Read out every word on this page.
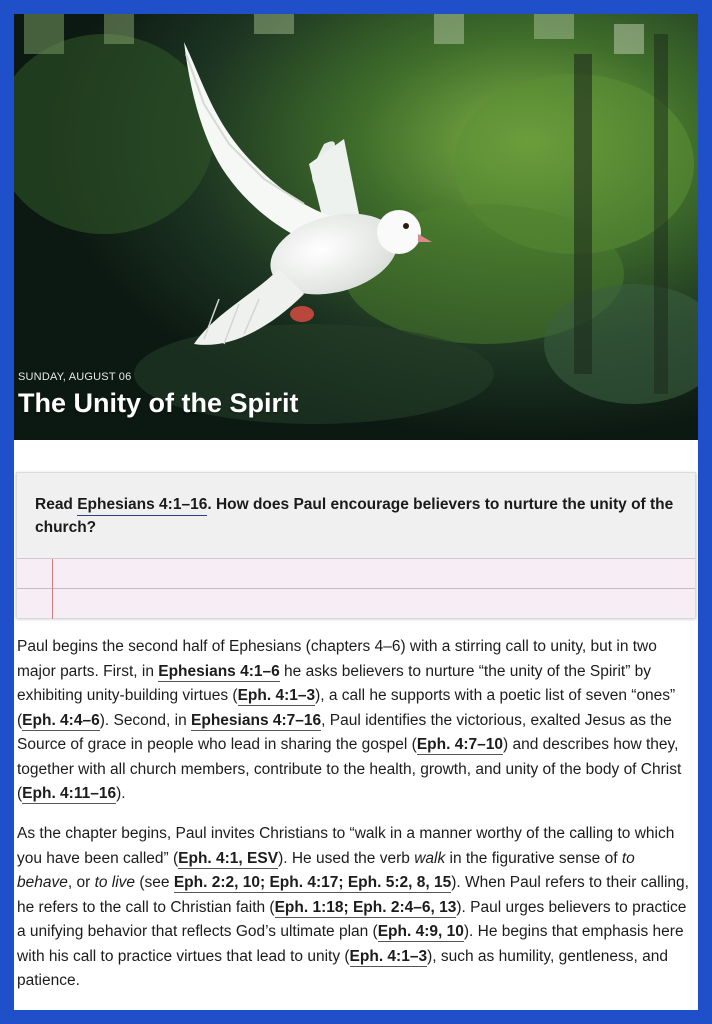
SUNDAY, AUGUST 06
The Unity of the Spirit
Read Ephesians 4:1–16. How does Paul encourage believers to nurture the unity of the church?
Paul begins the second half of Ephesians (chapters 4–6) with a stirring call to unity, but in two major parts. First, in Ephesians 4:1–6 he asks believers to nurture “the unity of the Spirit” by exhibiting unity-building virtues (Eph. 4:1–3), a call he supports with a poetic list of seven “ones” (Eph. 4:4–6). Second, in Ephesians 4:7–16, Paul identifies the victorious, exalted Jesus as the Source of grace in people who lead in sharing the gospel (Eph. 4:7–10) and describes how they, together with all church members, contribute to the health, growth, and unity of the body of Christ (Eph. 4:11–16).
As the chapter begins, Paul invites Christians to “walk in a manner worthy of the calling to which you have been called” (Eph. 4:1, ESV). He used the verb walk in the figurative sense of to behave, or to live (see Eph. 2:2, 10; Eph. 4:17; Eph. 5:2, 8, 15). When Paul refers to their calling, he refers to the call to Christian faith (Eph. 1:18; Eph. 2:4–6, 13). Paul urges believers to practice a unifying behavior that reflects God’s ultimate plan (Eph. 4:9, 10). He begins that emphasis here with his call to practice virtues that lead to unity (Eph. 4:1–3), such as humility, gentleness, and patience.
